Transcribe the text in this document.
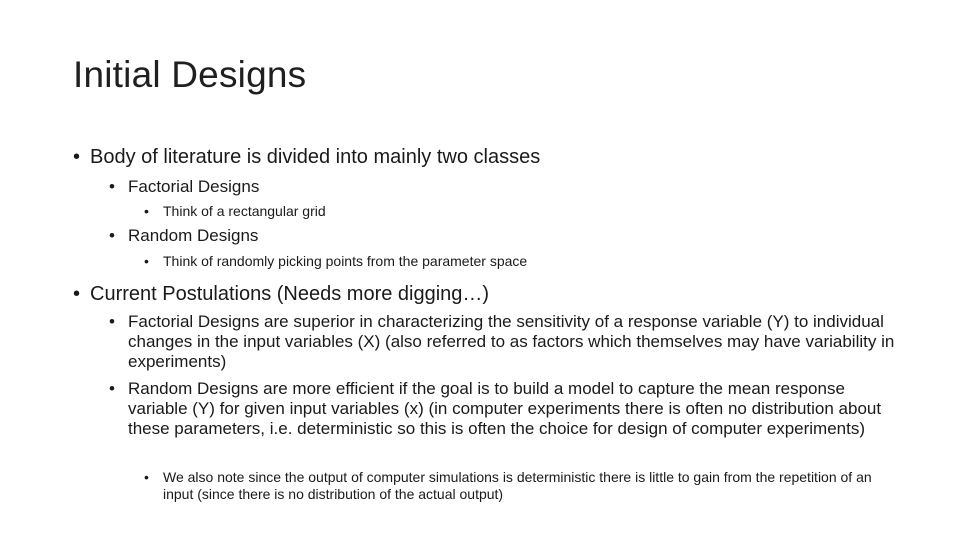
Initial Designs
• Body of literature is divided into mainly two classes
• Factorial Designs
• Think of a rectangular grid
• Random Designs
• Think of randomly picking points from the parameter space
• Current Postulations (Needs more digging…)
• Factorial Designs are superior in characterizing the sensitivity of a response variable (Y) to individual changes in the input variables (X) (also referred to as factors which themselves may have variability in experiments)
• Random Designs are more efficient if the goal is to build a model to capture the mean response variable (Y) for given input variables (x) (in computer experiments there is often no distribution about these parameters, i.e. deterministic so this is often the choice for design of computer experiments)
• We also note since the output of computer simulations is deterministic there is little to gain from the repetition of an input (since there is no distribution of the actual output)
